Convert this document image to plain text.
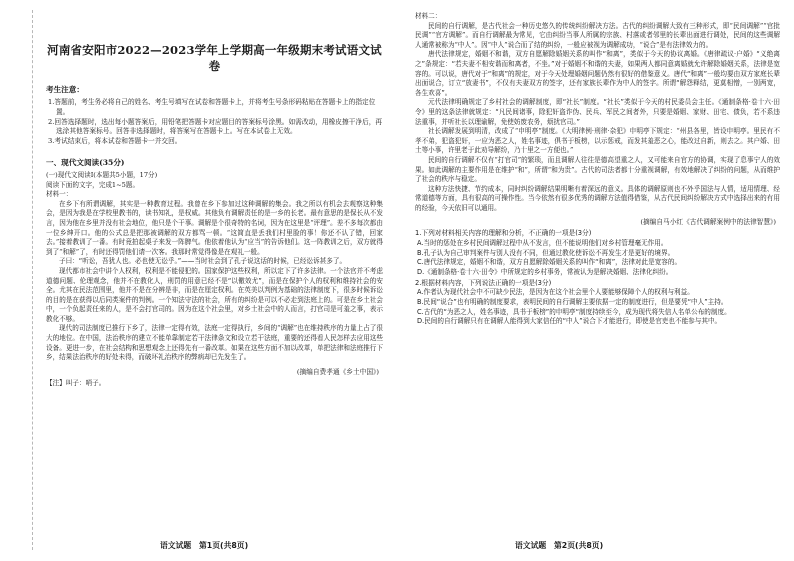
河南省安阳市2022—2023学年上学期高一年级期末考试语文试卷
考生注意：
1.答题前，考生务必将自己的姓名、考生号填写在试卷和答题卡上，并将考生号条形码粘贴在答题卡上的指定位置。
2.回答选择题时，选出每小题答案后，用铅笔把答题卡对应题目的答案标号涂黑。如需改动，用橡皮擦干净后，再选涂其他答案标号。回答非选择题时，将答案写在答题卡上。写在本试卷上无效。
3.考试结束后，将本试卷和答题卡一并交回。
一、现代文阅读(35分)

(一)现代文阅读Ⅰ(本题共5小题，17分)

阅读下面的文字，完成1~5题。

材料一：

在乡下有所谓调解，其实是一种教育过程。我曾在乡下参加过这种调解的集会。我之所以有机会去观察这种集会，是因为我是在学校里教书的，读书知礼，是权威。其他负有调解责任的是一乡的长老。最有意思的是保长从不发言，因为他在乡里并没有社会地位，他只是个干事。调解是个很奇特的名词，因为在这里是“评理”。差不多每次都由一位乡绅开口。他的公式总是把那被调解的双方都骂一顿。“这简直是丢我们村里脸的事！你还不认了错，回家去。”接着教训了一番。有时竟拍起桌子来发一阵脾气。他依着他认为“应当”的告诉他们。这一阵教训之后，双方就得到了“和解”了，有时还得罚他们请一次客。我那时常觉得像是在观礼一般。

子曰：“听讼，吾犹人也。必也使无讼乎。”——当时社会到了孔子说这话的时候，已经讼诉甚多了。

现代都市社会中讲个人权利，权利是不能侵犯的。国家保护这些权利，所以定下了许多法律。一个法官并不考虑道德问题、伦理观念，他并不在教化人，刑罚的用意已经不是“以儆效尤”，而是在保护个人的权利和维持社会的安全。尤其在民法范围里，他并不是在分辨是非，而是在厘定权利。在英美以判例为基础的法律制度下，很多时候诉讼的目的是在获得以后同类案件的判例。一个知法守法的社会，所有的纠纷是可以不必走到法庭上的。可是在乡土社会中，一个负起责任来的人，是不会打官司的。因为在这个社会里，对乡土社会中的人而言，打官司是可羞之事，表示教化不够。

现代的司法制度已推行下乡了，法律一定得有效，法庭一定得执行，乡间的“调解”也在维持秩序的力量上占了很大的地位。在中国，法治秩序的建立不能单靠制定若干法律条文和设立若干法庭，重要的还得看人民怎样去应用这些设备。更进一步，在社会结构和思想观念上还得先有一番改革。如果在这些方面不加以改革，单把法律和法庭推行下乡，结果法治秩序的好处未得，而破坏礼治秩序的弊病却已先发生了。

(摘编自费孝通《乡土中国》)

【注】叫子：哨子。

语文试题　第1页(共8页)

材料二：

民间的自行调解，是古代社会一种历史悠久的传统纠纷解决方法。古代的纠纷调解大致有三种形式，即“民间调解”“官批民调”“官方调解”。而自行调解最为常见，它由纠纷当事人所属的宗族、村落或者邻里的长辈出面进行调处，民间的这些调解人通常被称为“中人”。因“中人”说合而了结的纠纷，一般应被视为调解成功，“说合”是有法律效力的。

唐代法律规定，婚姻不和谐，双方自愿解除婚姻关系的叫作“和离”，类似于今天的协议离婚。《唐律疏议·户婚》“义绝离之”条规定：“若夫妻不相安谐而和离者，不坐。”对于婚姻不和谐的夫妻，如果两人都同意离婚就允许解除婚姻关系，法律是宽容的。可以说，唐代对于“和离”的规定，对于今天处理婚姻问题仍然有很好的借鉴意义。唐代“和离”一般均要由双方家庭长辈出面说合，订立“放妻书”，不仅有夫妻双方的签字，还有家族长辈作为中人的签字。所谓“解怨释结，更莫相憎，一别两宽，各生欢喜”。

元代法律明确规定了乡村社会的调解制度，即“社长”制度。“社长”类似于今天的村民委员会主任。《通制条格·卷十六·田令》里的这条法律就规定：“凡民间诸事，除犯奸盗诈伪、民兵、军民之间者外，只要是婚姻、家财、田宅、债负，若不系违法重事，并听社长以理谕解，免使妨废农务，烦扰官司。”

社长调解发展到明清，改成了“申明亭”制度。《大明律例·刑律·杂犯》申明亭下规定：“州县各里，皆设申明亭。里民有不孝不弟，犯盗犯奸，一应为恶之人，姓名事迹，俱书于板榜，以示惩戒，而发其羞恶之心，能改过自新，则去之。其户婚、田土等小事，许里老于此劝导解纷，乃十里之一方便也。”

民间的自行调解不仅有“打官司”的繁琐，而且调解人往往是德高望重之人，又可能来自官方的协调，实现了息事宁人的效果。如此调解的主要作用是在维护“和”，所谓“和为贵”。古代的司法者都十分重视调解，有效地解决了纠纷的问题，从而维护了社会的秩序与稳定。

这种方法快捷、节约成本，同时纠纷调解结果明晰有着深远的意义。具体的调解原则也不外乎国法与人情，适用情理、经常道德等方面，具有很高的可操作性。当今依然有很多优秀的调解方法值得借鉴，从古代民间纠纷解决方式中选择出来的有用的经验，今天依旧可以通用。

(摘编自马小红《古代调解案例中的法律智慧》)
1.下列对材料相关内容的理解和分析，不正确的一项是(3分)
A.当时的惩处在乡村民间调解过程中从不发言，但不能说明他们对乡村管理毫无作用。
B.孔子认为自己审判案件与别人没有不同，但通过教化使诉讼不再发生才是更好的境界。
C.唐代法律规定，婚姻不和谐，双方自愿解除婚姻关系的叫作“和离”，法律对此是宽容的。
D.《通制条格·卷十六·田令》中所规定的乡村事务，常被认为是解决婚姻、法律化纠纷。
2.根据材料内容，下列说法正确的一项是(3分)
A.作者认为现代社会中不可缺少民法，是因为在这个社会里个人要能够保障个人的权利与利益。
B.民间“说合”也有明确的制度要求，表明民间的自行调解主要依据一定的制度进行，但是要凭“中人”主持。
C.古代的“为恶之人，姓名事迹，具书于板榜”的申明亭“制度持续至今，成为现代将失信人名单公布的制度。
D.民间的自行调解只有在调解人能得到大家信任的“中人”说合下才能进行，即使是官吏也不能参与其中。
语文试题　第2页(共8页)
